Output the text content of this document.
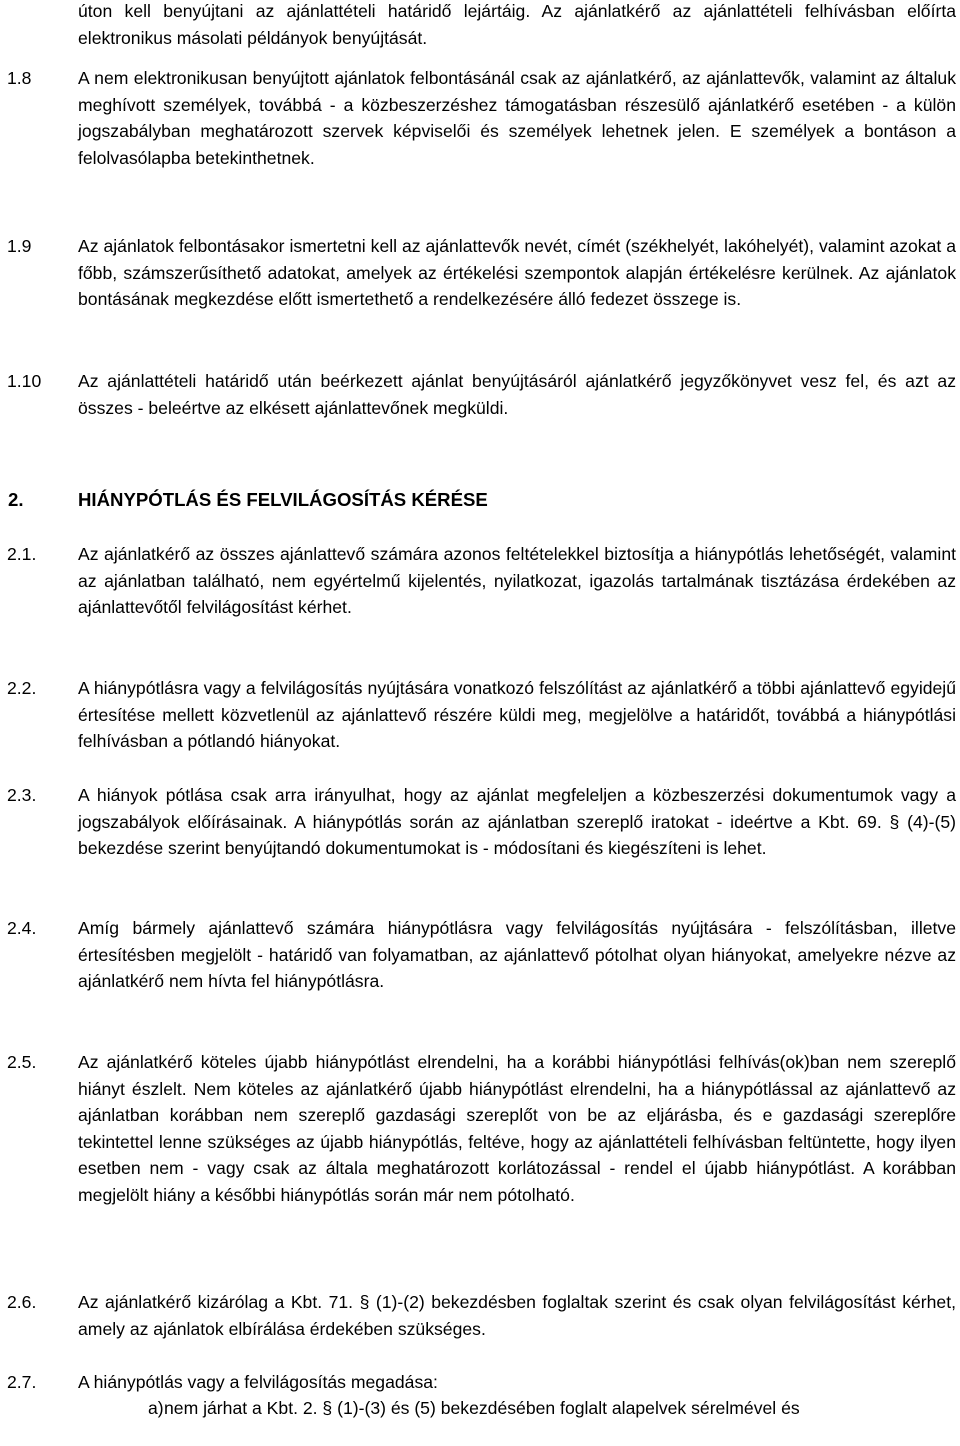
úton kell benyújtani az ajánlattételi határidő lejártáig. Az ajánlatkérő az ajánlattételi felhívásban előírta elektronikus másolati példányok benyújtását.
1.8	A nem elektronikusan benyújtott ajánlatok felbontásánál csak az ajánlatkérő, az ajánlattevők, valamint az általuk meghívott személyek, továbbá - a közbeszerzéshez támogatásban részesülő ajánlatkérő esetében - a külön jogszabályban meghatározott szervek képviselői és személyek lehetnek jelen. E személyek a bontáson a felolvasólapba betekinthetnek.
1.9	Az ajánlatok felbontásakor ismertetni kell az ajánlattevők nevét, címét (székhelyét, lakóhelyét), valamint azokat a főbb, számszerűsíthető adatokat, amelyek az értékelési szempontok alapján értékelésre kerülnek. Az ajánlatok bontásának megkezdése előtt ismertethető a rendelkezésére álló fedezet összege is.
1.10 Az ajánlattételi határidő után beérkezett ajánlat benyújtásáról ajánlatkérő jegyzőkönyvet vesz fel, és azt az összes - beleértve az elkésett ajánlattevőnek megküldi.
2.	HIÁNYPÓTLÁS ÉS FELVILÁGOSÍTÁS KÉRÉSE
2.1. Az ajánlatkérő az összes ajánlattevő számára azonos feltételekkel biztosítja a hiánypótlás lehetőségét, valamint az ajánlatban található, nem egyértelmű kijelentés, nyilatkozat, igazolás tartalmának tisztázása érdekében az ajánlattevőtől felvilágosítást kérhet.
2.2. A hiánypótlásra vagy a felvilágosítás nyújtására vonatkozó felszólítást az ajánlatkérő a többi ajánlattevő egyidejű értesítése mellett közvetlenül az ajánlattevő részére küldi meg, megjelölve a határidőt, továbbá a hiánypótlási felhívásban a pótlandó hiányokat.
2.3. A hiányok pótlása csak arra irányulhat, hogy az ajánlat megfeleljen a közbeszerzési dokumentumok vagy a jogszabályok előírásainak. A hiánypótlás során az ajánlatban szereplő iratokat - ideértve a Kbt. 69. § (4)-(5) bekezdése szerint benyújtandó dokumentumokat is - módosítani és kiegészíteni is lehet.
2.4. Amíg bármely ajánlattevő számára hiánypótlásra vagy felvilágosítás nyújtására - felszólításban, illetve értesítésben megjelölt - határidő van folyamatban, az ajánlattevő pótolhat olyan hiányokat, amelyekre nézve az ajánlatkérő nem hívta fel hiánypótlásra.
2.5. Az ajánlatkérő köteles újabb hiánypótlást elrendelni, ha a korábbi hiánypótlási felhívás(ok)ban nem szereplő hiányt észlelt. Nem köteles az ajánlatkérő újabb hiánypótlást elrendelni, ha a hiánypótlással az ajánlattevő az ajánlatban korábban nem szereplő gazdasági szereplőt von be az eljárásba, és e gazdasági szereplőre tekintettel lenne szükséges az újabb hiánypótlás, feltéve, hogy az ajánlattételi felhívásban feltüntette, hogy ilyen esetben nem - vagy csak az általa meghatározott korlátozással - rendel el újabb hiánypótlást. A korábban megjelölt hiány a későbbi hiánypótlás során már nem pótolható.
2.6. Az ajánlatkérő kizárólag a Kbt. 71. § (1)-(2) bekezdésben foglaltak szerint és csak olyan felvilágosítást kérhet, amely az ajánlatok elbírálása érdekében szükséges.
2.7. A hiánypótlás vagy a felvilágosítás megadása:
a) nem járhat a Kbt. 2. § (1)-(3) és (5) bekezdésében foglalt alapelvek sérelmével és
